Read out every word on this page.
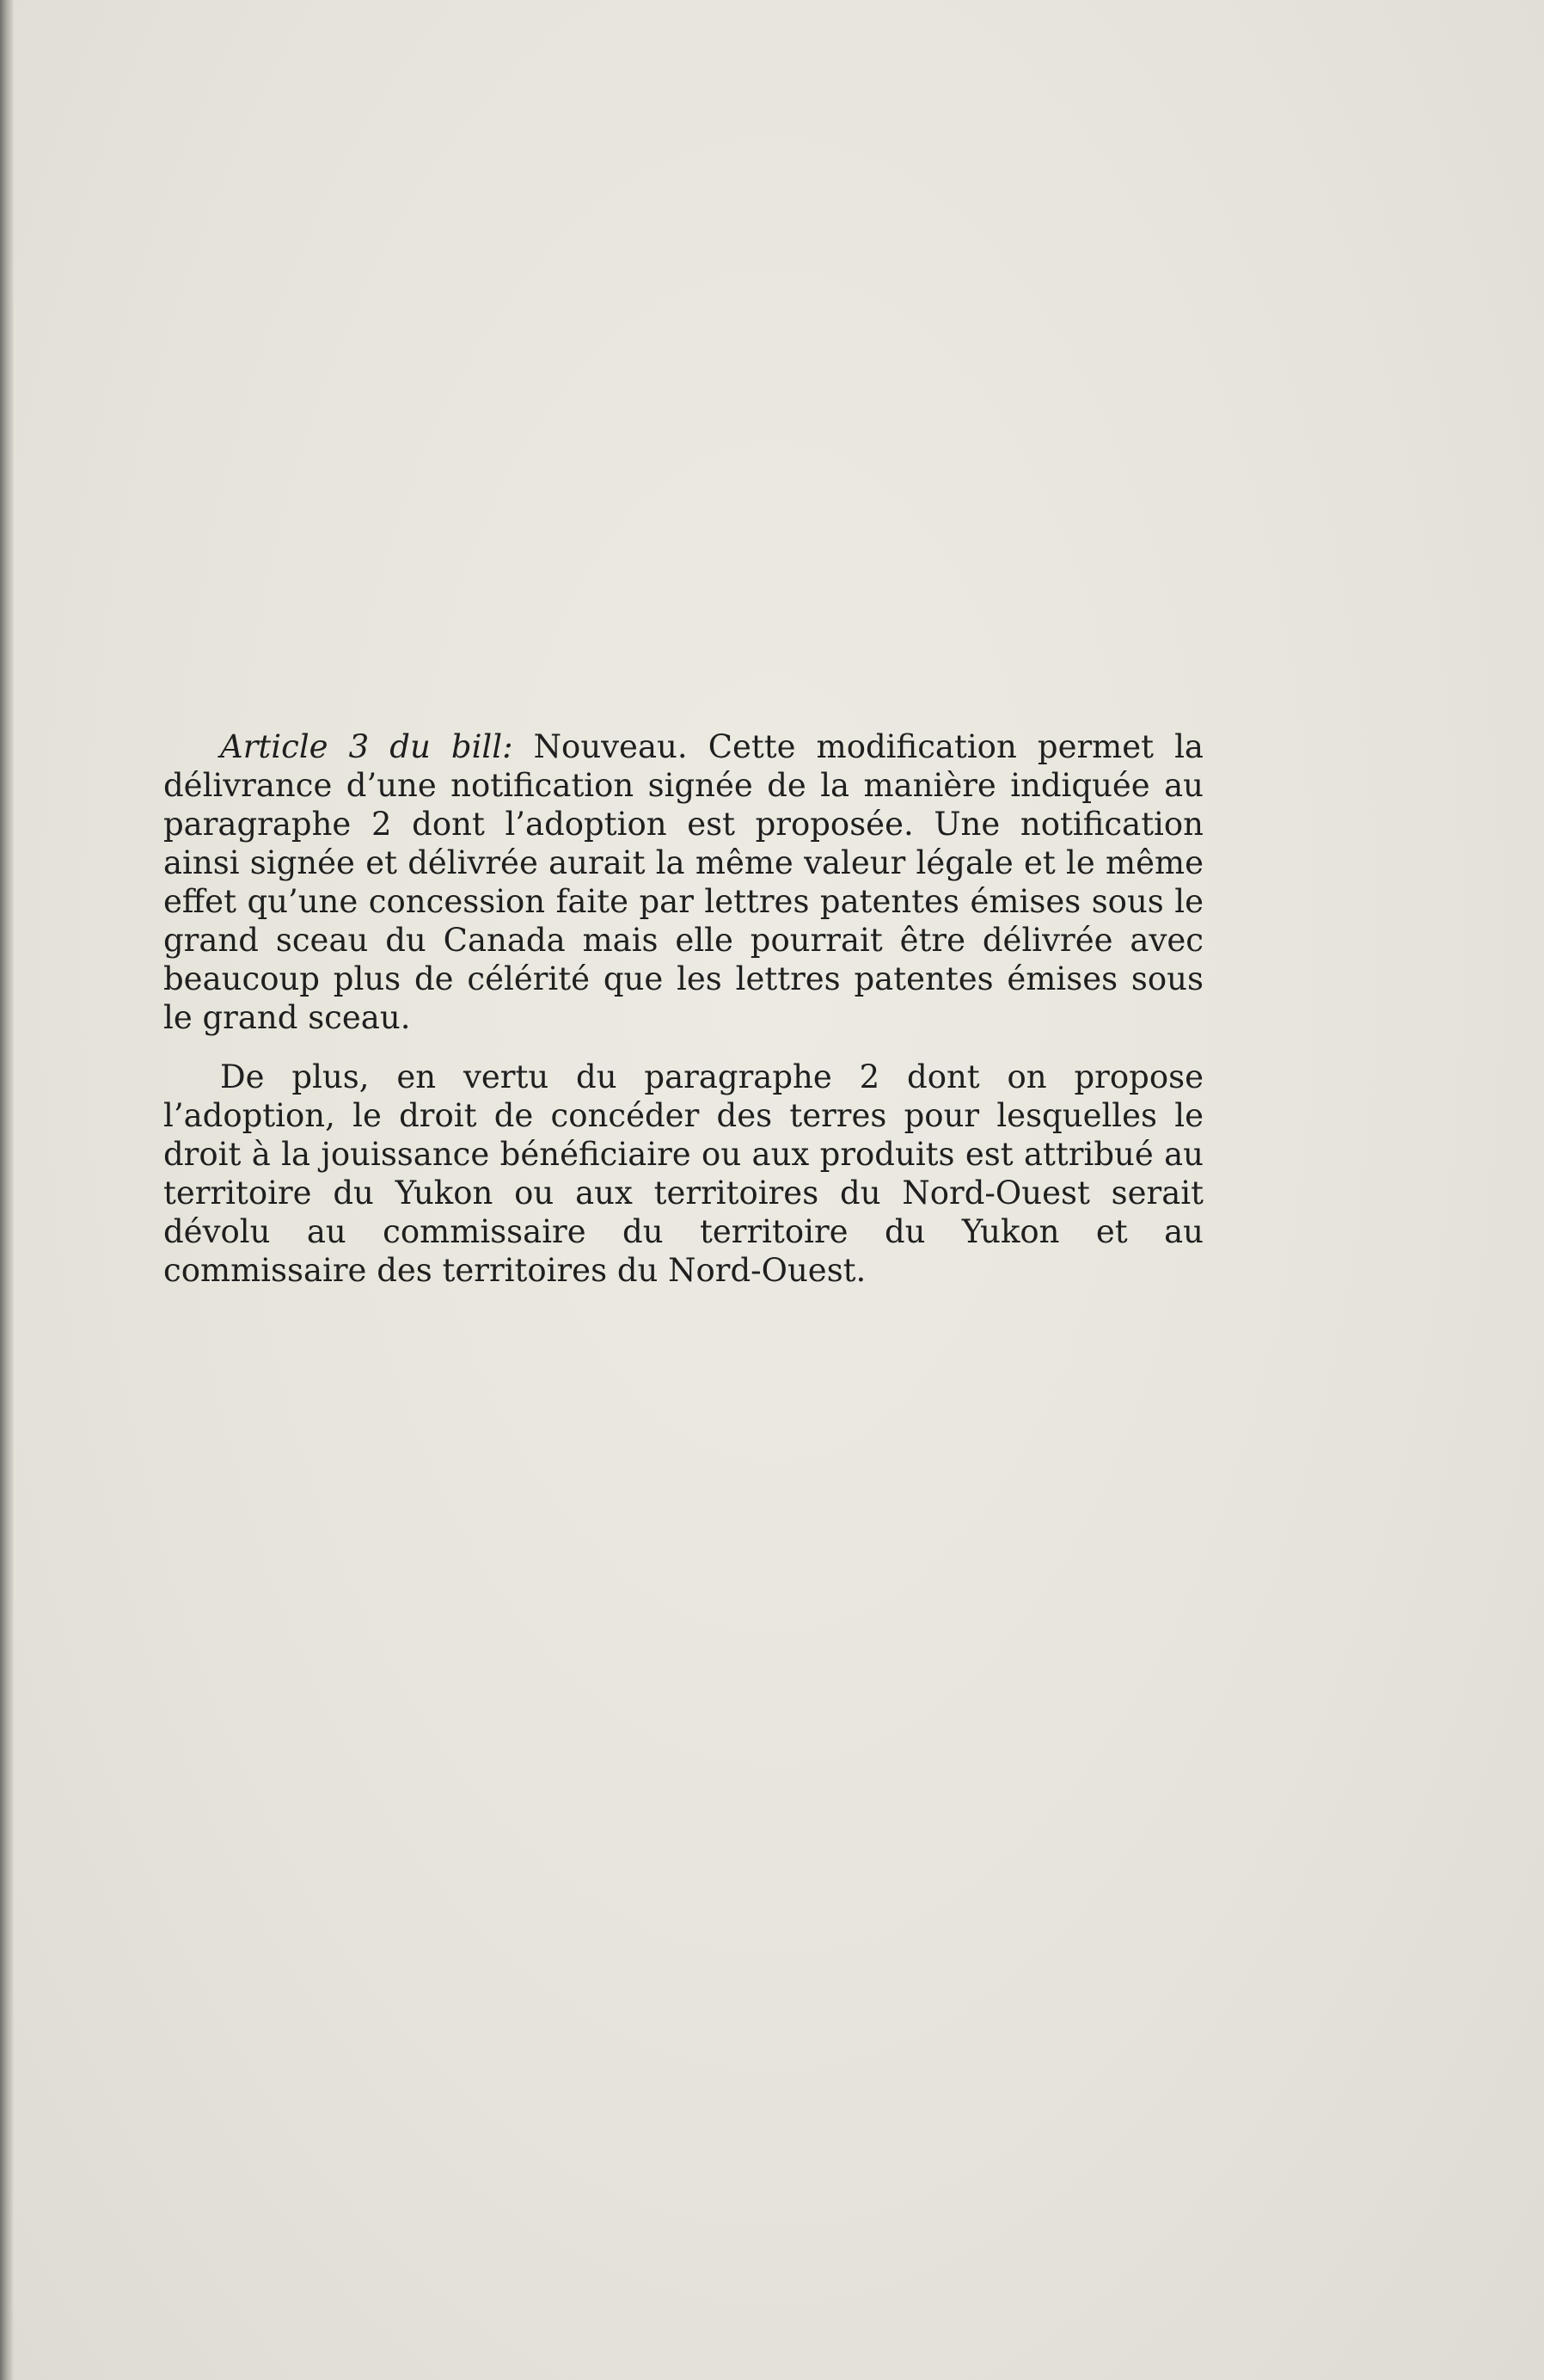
Article 3 du bill: Nouveau. Cette modification permet la délivrance d’une notification signée de la manière indiquée au paragraphe 2 dont l’adoption est proposée. Une notification ainsi signée et délivrée aurait la même valeur légale et le même effet qu’une concession faite par lettres patentes émises sous le grand sceau du Canada mais elle pourrait être délivrée avec beaucoup plus de célérité que les lettres patentes émises sous le grand sceau.

De plus, en vertu du paragraphe 2 dont on propose l’adoption, le droit de concéder des terres pour lesquelles le droit à la jouissance bénéficiaire ou aux produits est attribué au territoire du Yukon ou aux territoires du Nord-Ouest serait dévolu au commissaire du territoire du Yukon et au commissaire des territoires du Nord-Ouest.
